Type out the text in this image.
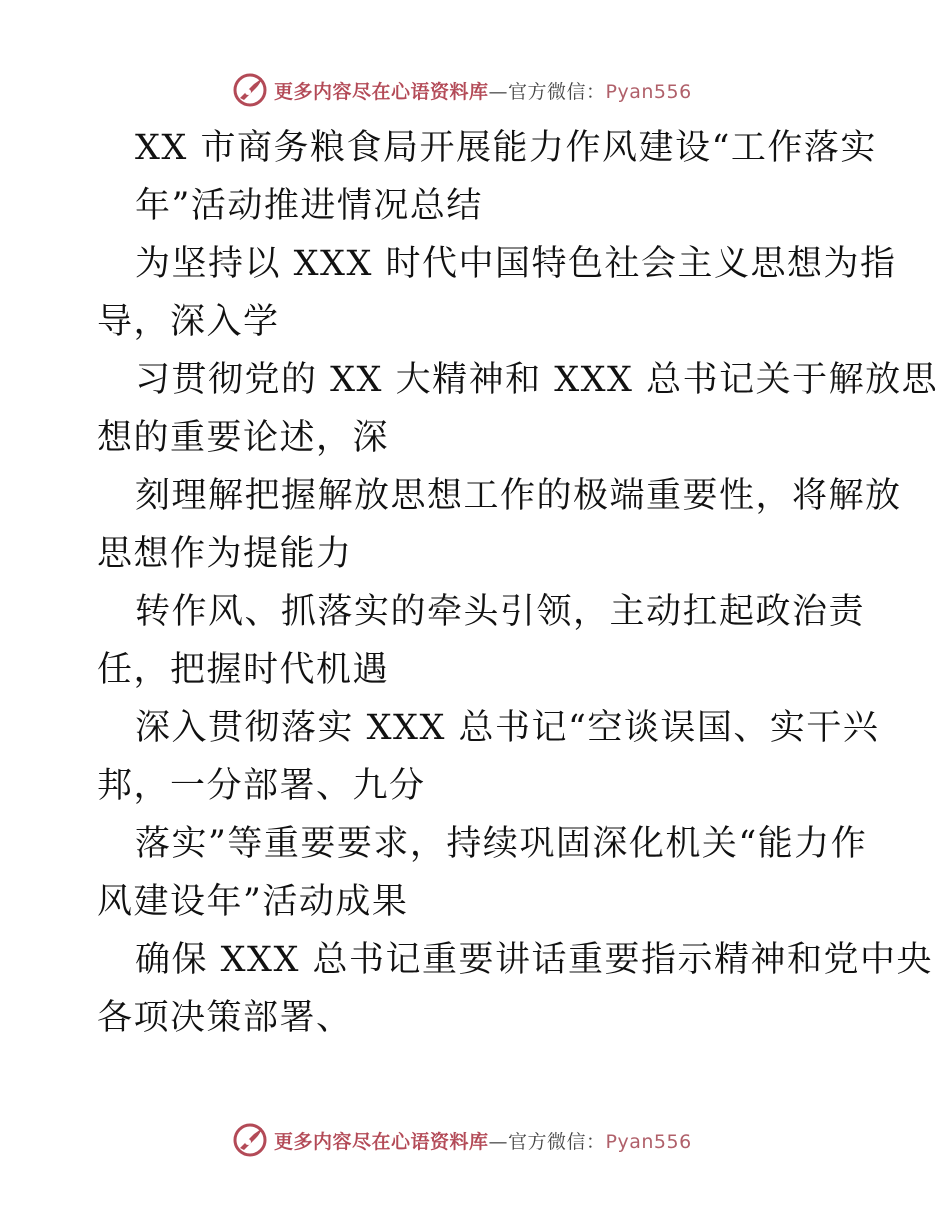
更多内容尽在心语资料库—官方微信：Pyan556
XX 市商务粮食局开展能力作风建设“工作落实
年”活动推进情况总结
为坚持以 XXX 时代中国特色社会主义思想为指
导，深入学
习贯彻党的 XX 大精神和 XXX 总书记关于解放思
想的重要论述，深
刻理解把握解放思想工作的极端重要性，将解放
思想作为提能力
转作风、抓落实的牵头引领，主动扛起政治责
任，把握时代机遇
深入贯彻落实 XXX 总书记“空谈误国、实干兴
邦，一分部署、九分
落实”等重要要求，持续巩固深化机关“能力作
风建设年”活动成果
确保 XXX 总书记重要讲话重要指示精神和党中央
各项决策部署、
更多内容尽在心语资料库—官方微信：Pyan556
